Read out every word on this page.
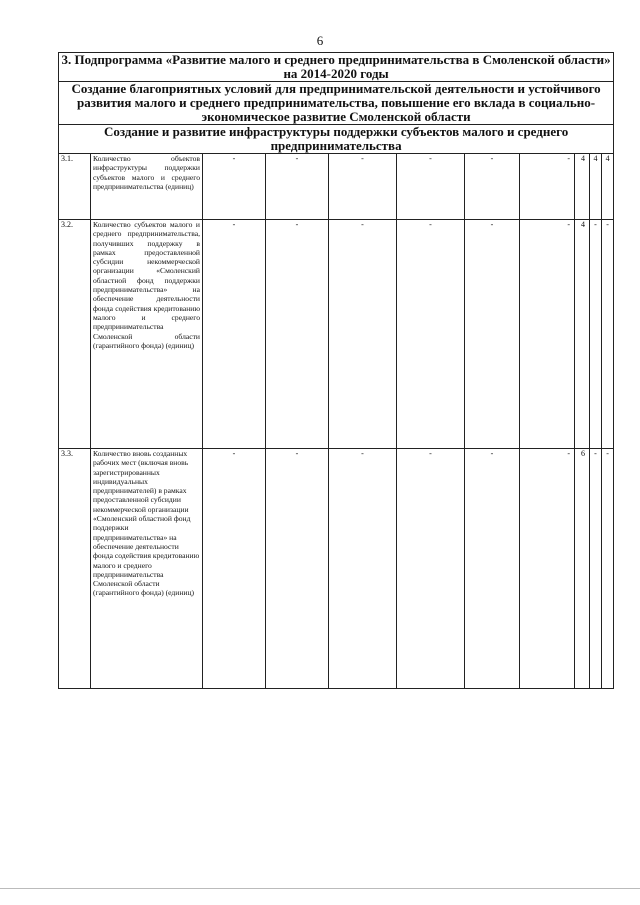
6
3. Подпрограмма «Развитие малого и среднего предпринимательства в Смоленской области» на 2014-2020 годы										
Создание благоприятных условий для предпринимательской деятельности и устойчивого развития малого и среднего предпринимательства, повышение его вклада в социально-экономическое развитие Смоленской области										
Создание и развитие инфраструктуры поддержки субъектов малого и среднего предпринимательства										
3.1.	Количество объектов инфраструктуры поддержки субъектов малого и среднего предпринимательства (единиц)	-	-	-	-	-	-	4	4	4
3.2.	Количество субъектов малого и среднего предпринимательства, получивших поддержку в рамках предоставленной субсидии некоммерческой организации «Смоленский областной фонд поддержки предпринимательства» на обеспечение деятельности фонда содействия кредитованию малого и среднего предпринимательства Смоленской области (гарантийного фонда) (единиц)	-	-	-	-	-	-	4	-	-
3.3.	Количество вновь созданных рабочих мест (включая вновь зарегистрированных индивидуальных предпринимателей) в рамках предоставленной субсидии некоммерческой организации «Смоленский областной фонд поддержки предпринимательства» на обеспечение деятельности фонда содействия кредитованию малого и среднего предпринимательства Смоленской области (гарантийного фонда) (единиц)	-	-	-	-	-	-	6	-	-
